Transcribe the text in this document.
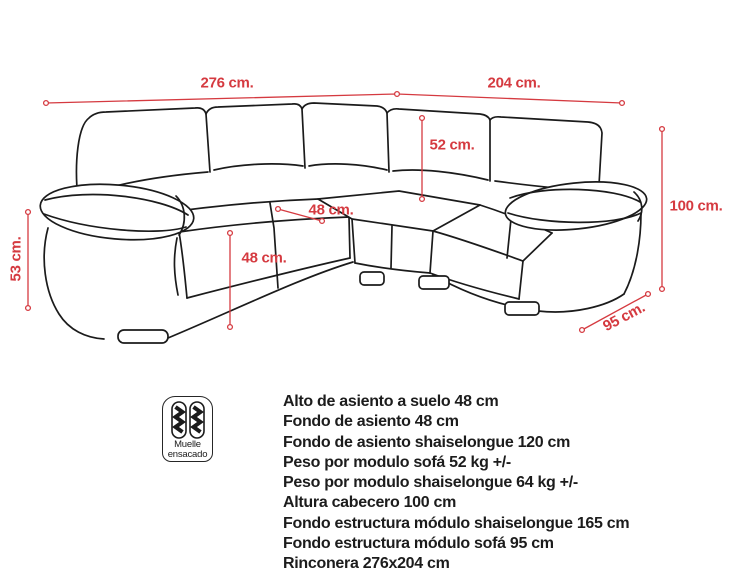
276 cm.	204 cm.
52 cm.
48 cm.
48 cm.
53 cm.
100 cm.
95 cm.
Muelle
ensacado
Alto de asiento a suelo 48 cm
Fondo de asiento 48 cm
Fondo de asiento shaiselongue 120 cm
Peso por modulo sofá 52 kg +/-
Peso por modulo shaiselongue 64 kg +/-
Altura cabecero 100 cm
Fondo estructura módulo shaiselongue 165 cm
Fondo estructura módulo sofá 95 cm
Rinconera 276x204 cm
